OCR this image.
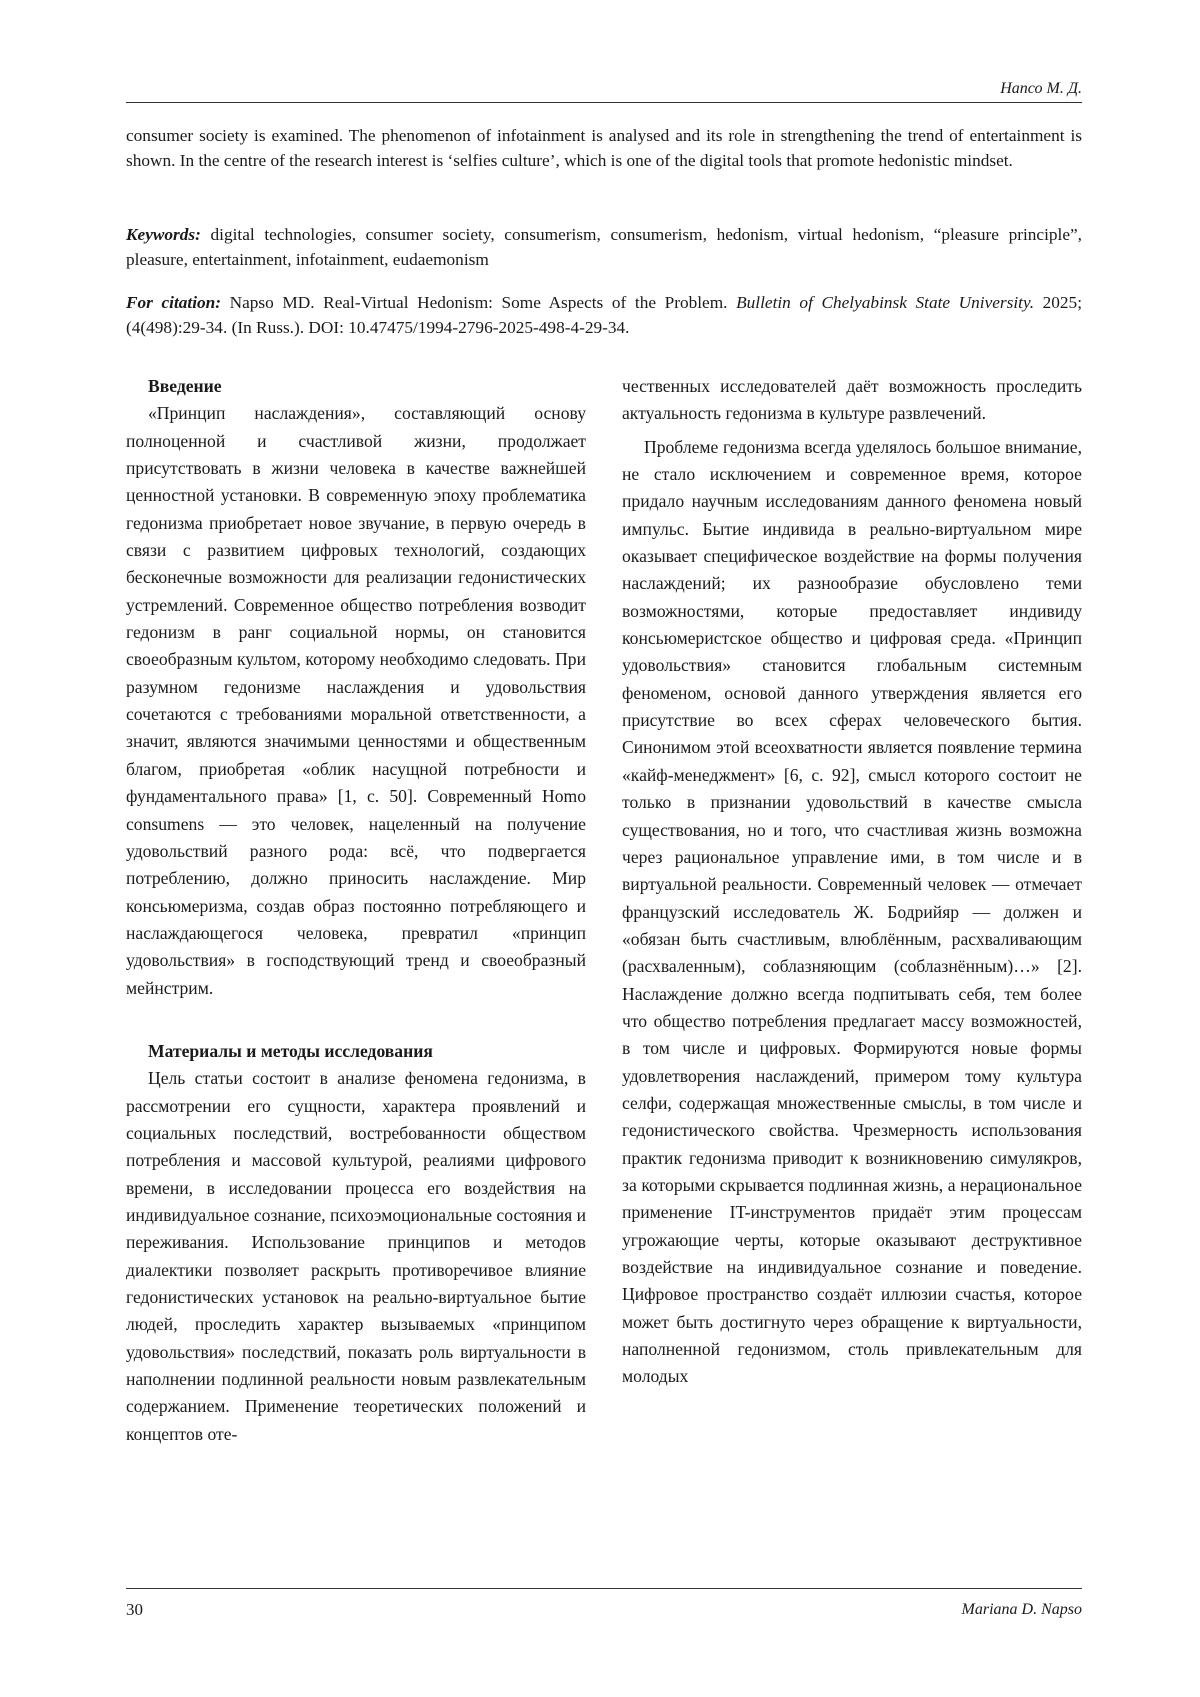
Напсо М. Д.

consumer society is examined. The phenomenon of infotainment is analysed and its role in strengthening the trend of entertainment is shown. In the centre of the research interest is ‘selfies culture’, which is one of the digital tools that promote hedonistic mindset.

Keywords: digital technologies, consumer society, consumerism, consumerism, hedonism, virtual hedonism, “pleasure principle”, pleasure, entertainment, infotainment, eudaemonism

For citation: Napso MD. Real-Virtual Hedonism: Some Aspects of the Problem. Bulletin of Chelyabinsk State University. 2025;(4(498):29-34. (In Russ.). DOI: 10.47475/1994-2796-2025-498-4-29-34.

Введение

«Принцип наслаждения», составляющий основу полноценной и счастливой жизни, продолжает присутствовать в жизни человека в качестве важнейшей ценностной установки. В современную эпоху проблематика гедонизма приобретает новое звучание, в первую очередь в связи с развитием цифровых технологий, создающих бесконечные возможности для реализации гедонистических устремлений. Современное общество потребления возводит гедонизм в ранг социальной нормы, он становится своеобразным культом, которому необходимо следовать. При разумном гедонизме наслаждения и удовольствия сочетаются с требованиями моральной ответственности, а значит, являются значимыми ценностями и общественным благом, приобретая «облик насущной потребности и фундаментального права» [1, с. 50]. Современный Homo consumens — это человек, нацеленный на получение удовольствий разного рода: всё, что подвергается потреблению, должно приносить наслаждение. Мир консьюмеризма, создав образ постоянно потребляющего и наслаждающегося человека, превратил «принцип удовольствия» в господствующий тренд и своеобразный мейнстрим.

Материалы и методы исследования

Цель статьи состоит в анализе феномена гедонизма, в рассмотрении его сущности, характера проявлений и социальных последствий, востребованности обществом потребления и массовой культурой, реалиями цифрового времени, в исследовании процесса его воздействия на индивидуальное сознание, психоэмоциональные состояния и переживания. Использование принципов и методов диалектики позволяет раскрыть противоречивое влияние гедонистических установок на реально-виртуальное бытие людей, проследить характер вызываемых «принципом удовольствия» последствий, показать роль виртуальности в наполнении подлинной реальности новым развлекательным содержанием. Применение теоретических положений и концептов оте-

чественных исследователей даёт возможность проследить актуальность гедонизма в культуре развлечений.

Проблеме гедонизма всегда уделялось большое внимание, не стало исключением и современное время, которое придало научным исследованиям данного феномена новый импульс. Бытие индивида в реально-виртуальном мире оказывает специфическое воздействие на формы получения наслаждений; их разнообразие обусловлено теми возможностями, которые предоставляет индивиду консьюмеристское общество и цифровая среда. «Принцип удовольствия» становится глобальным системным феноменом, основой данного утверждения является его присутствие во всех сферах человеческого бытия. Синонимом этой всеохватности является появление термина «кайф-менеджмент» [6, с. 92], смысл которого состоит не только в признании удовольствий в качестве смысла существования, но и того, что счастливая жизнь возможна через рациональное управление ими, в том числе и в виртуальной реальности. Современный человек — отмечает французский исследователь Ж. Бодрийяр — должен и «обязан быть счастливым, влюблённым, расхваливающим (расхваленным), соблазняющим (соблазнённым)…» [2]. Наслаждение должно всегда подпитывать себя, тем более что общество потребления предлагает массу возможностей, в том числе и цифровых. Формируются новые формы удовлетворения наслаждений, примером тому культура селфи, содержащая множественные смыслы, в том числе и гедонистического свойства. Чрезмерность использования практик гедонизма приводит к возникновению симулякров, за которыми скрывается подлинная жизнь, а нерациональное применение IT-инструментов придаёт этим процессам угрожающие черты, которые оказывают деструктивное воздействие на индивидуальное сознание и поведение. Цифровое пространство создаёт иллюзии счастья, которое может быть достигнуто через обращение к виртуальности, наполненной гедонизмом, столь привлекательным для молодых

30	Mariana D. Napso
